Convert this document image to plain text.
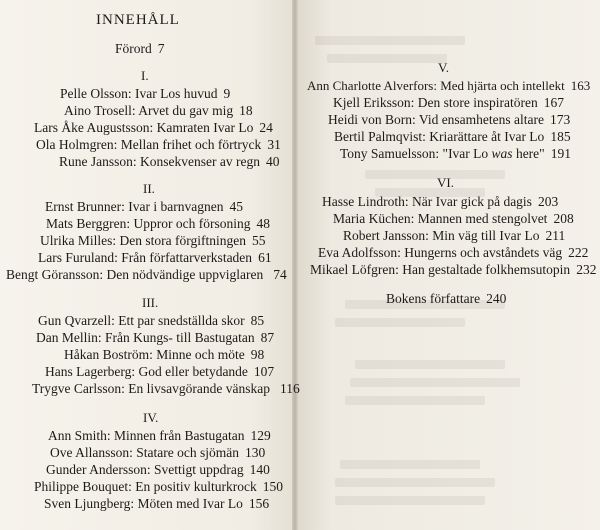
INNEHÅLL
Förord 7
I.
Pelle Olsson: Ivar Los huvud 9
Aino Trosell: Arvet du gav mig 18
Lars Åke Augustsson: Kamraten Ivar Lo 24
Ola Holmgren: Mellan frihet och förtryck 31
Rune Jansson: Konsekvenser av regn 40
II.
Ernst Brunner: Ivar i barnvagnen 45
Mats Berggren: Uppror och försoning 48
Ulrika Milles: Den stora förgiftningen 55
Lars Furuland: Från författarverkstaden 61
Bengt Göransson: Den nödvändige uppviglaren 74
III.
Gun Qvarzell: Ett par snedställda skor 85
Dan Mellin: Från Kungs- till Bastugatan 87
Håkan Boström: Minne och möte 98
Hans Lagerberg: God eller betydande 107
Trygve Carlsson: En livsavgörande vänskap 116
IV.
Ann Smith: Minnen från Bastugatan 129
Ove Allansson: Statare och sjömän 130
Gunder Andersson: Svettigt uppdrag 140
Philippe Bouquet: En positiv kulturkrock 150
Sven Ljungberg: Möten med Ivar Lo 156
V.
Ann Charlotte Alverfors: Med hjärta och intellekt 163
Kjell Eriksson: Den store inspiratören 167
Heidi von Born: Vid ensamhetens altare 173
Bertil Palmqvist: Kriarättare åt Ivar Lo 185
Tony Samuelsson: "Ivar Lo was here" 191
VI.
Hasse Lindroth: När Ivar gick på dagis 203
Maria Küchen: Mannen med stengolvet 208
Robert Jansson: Min väg till Ivar Lo 211
Eva Adolfsson: Hungerns och avståndets väg 222
Mikael Löfgren: Han gestaltade folkhemsutopin 232
Bokens författare 240
